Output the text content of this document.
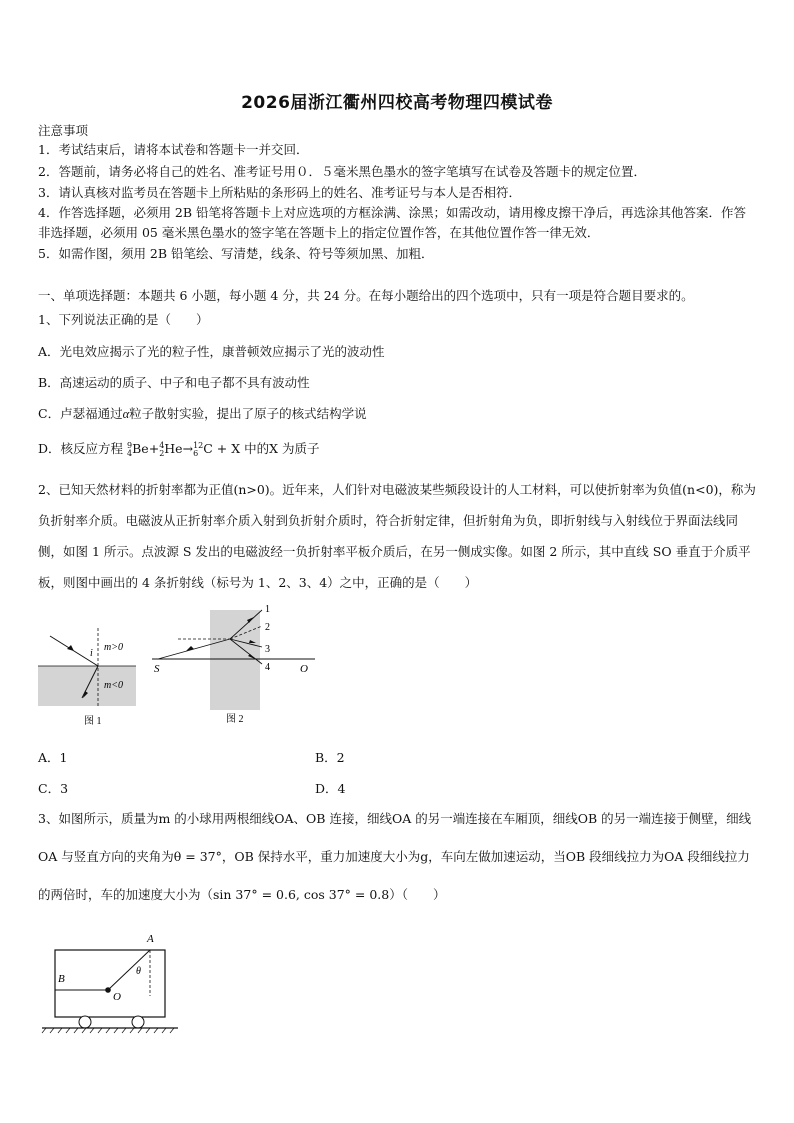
2026届浙江衢州四校高考物理四模试卷
注意事项
1．考试结束后，请将本试卷和答题卡一并交回．
2．答题前，请务必将自己的姓名、准考证号用０．５毫米黑色墨水的签字笔填写在试卷及答题卡的规定位置．
3．请认真核对监考员在答题卡上所粘贴的条形码上的姓名、准考证号与本人是否相符．
4．作答选择题，必须用 2B 铅笔将答题卡上对应选项的方框涂满、涂黑；如需改动，请用橡皮擦干净后，再选涂其他答案．作答非选择题，必须用 05 毫米黑色墨水的签字笔在答题卡上的指定位置作答，在其他位置作答一律无效．
5．如需作图，须用 2B 铅笔绘、写清楚，线条、符号等须加黑、加粗．
一、单项选择题：本题共 6 小题，每小题 4 分，共 24 分。在每小题给出的四个选项中，只有一项是符合题目要求的。
1、下列说法正确的是（　　）
A．光电效应揭示了光的粒子性，康普顿效应揭示了光的波动性
B．高速运动的质子、中子和电子都不具有波动性
C．卢瑟福通过α粒子散射实验，提出了原子的核式结构学说
D．核反应方程 9
4 Be+ 4
2 He→ 12
6 C + X 中的X 为质子
2、已知天然材料的折射率都为正值(n>0)。近年来，人们针对电磁波某些频段设计的人工材料，可以使折射率为负值(n<0)，称为负折射率介质。电磁波从正折射率介质入射到负折射介质时，符合折射定律，但折射角为负，即折射线与入射线位于界面法线同侧，如图 1 所示。点波源 S 发出的电磁波经一负折射率平板介质后，在另一侧成实像。如图 2 所示，其中直线 SO 垂直于介质平板，则图中画出的 4 条折射线（标号为 1、2、3、4）之中，正确的是（　　）
i
m>0
m<0
图 1
1
2
3
4
S	O
图 2
A．1	B．2
C．3	D．4
3、如图所示，质量为m 的小球用两根细线OA、OB 连接，细线OA 的另一端连接在车厢顶，细线OB 的另一端连接于侧壁，细线OA 与竖直方向的夹角为θ = 37°，OB 保持水平，重力加速度大小为g，车向左做加速运动，当OB 段细线拉力为OA 段细线拉力的两倍时，车的加速度大小为（sin 37° = 0.6, cos 37° = 0.8）（　　）
A
B
O
θ
